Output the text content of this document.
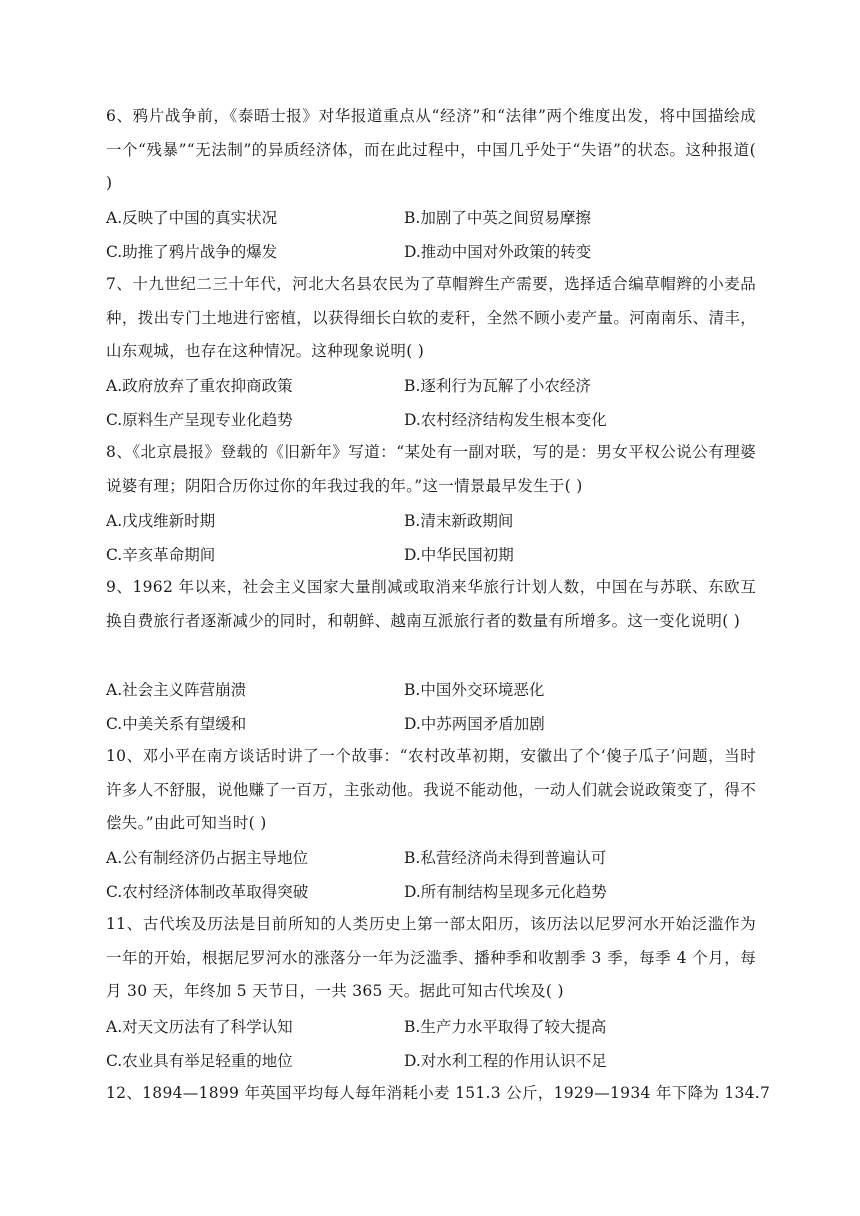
6、鸦片战争前，《泰晤士报》对华报道重点从“经济”和“法律”两个维度出发，将中国描绘成一个“残暴”“无法制”的异质经济体，而在此过程中，中国几乎处于“失语”的状态。这种报道( )

A.反映了中国的真实状况	B.加剧了中英之间贸易摩擦

C.助推了鸦片战争的爆发	D.推动中国对外政策的转变

7、十九世纪二三十年代，河北大名县农民为了草帽辫生产需要，选择适合编草帽辫的小麦品种，拨出专门土地进行密植，以获得细长白软的麦秆，全然不顾小麦产量。河南南乐、清丰，山东观城，也存在这种情况。这种现象说明( )

A.政府放弃了重农抑商政策	B.逐利行为瓦解了小农经济

C.原料生产呈现专业化趋势	D.农村经济结构发生根本变化

8、《北京晨报》登载的《旧新年》写道：“某处有一副对联，写的是：男女平权公说公有理婆说婆有理；阴阳合历你过你的年我过我的年。”这一情景最早发生于( )

A.戊戌维新时期	B.清末新政期间

C.辛亥革命期间	D.中华民国初期

9、1962 年以来，社会主义国家大量削减或取消来华旅行计划人数，中国在与苏联、东欧互换自费旅行者逐渐减少的同时，和朝鲜、越南互派旅行者的数量有所增多。这一变化说明( )

A.社会主义阵营崩溃	B.中国外交环境恶化

C.中美关系有望缓和	D.中苏两国矛盾加剧

10、邓小平在南方谈话时讲了一个故事：“农村改革初期，安徽出了个‘傻子瓜子’问题，当时许多人不舒服，说他赚了一百万，主张动他。我说不能动他，一动人们就会说政策变了，得不偿失。”由此可知当时( )

A.公有制经济仍占据主导地位	B.私营经济尚未得到普遍认可

C.农村经济体制改革取得突破	D.所有制结构呈现多元化趋势

11、古代埃及历法是目前所知的人类历史上第一部太阳历，该历法以尼罗河水开始泛滥作为一年的开始，根据尼罗河水的涨落分一年为泛滥季、播种季和收割季 3 季，每季 4 个月，每月 30 天，年终加 5 天节日，一共 365 天。据此可知古代埃及( )

A.对天文历法有了科学认知	B.生产力水平取得了较大提高

C.农业具有举足轻重的地位	D.对水利工程的作用认识不足

12、1894—1899 年英国平均每人每年消耗小麦 151.3 公斤，1929—1934 年下降为 134.7
